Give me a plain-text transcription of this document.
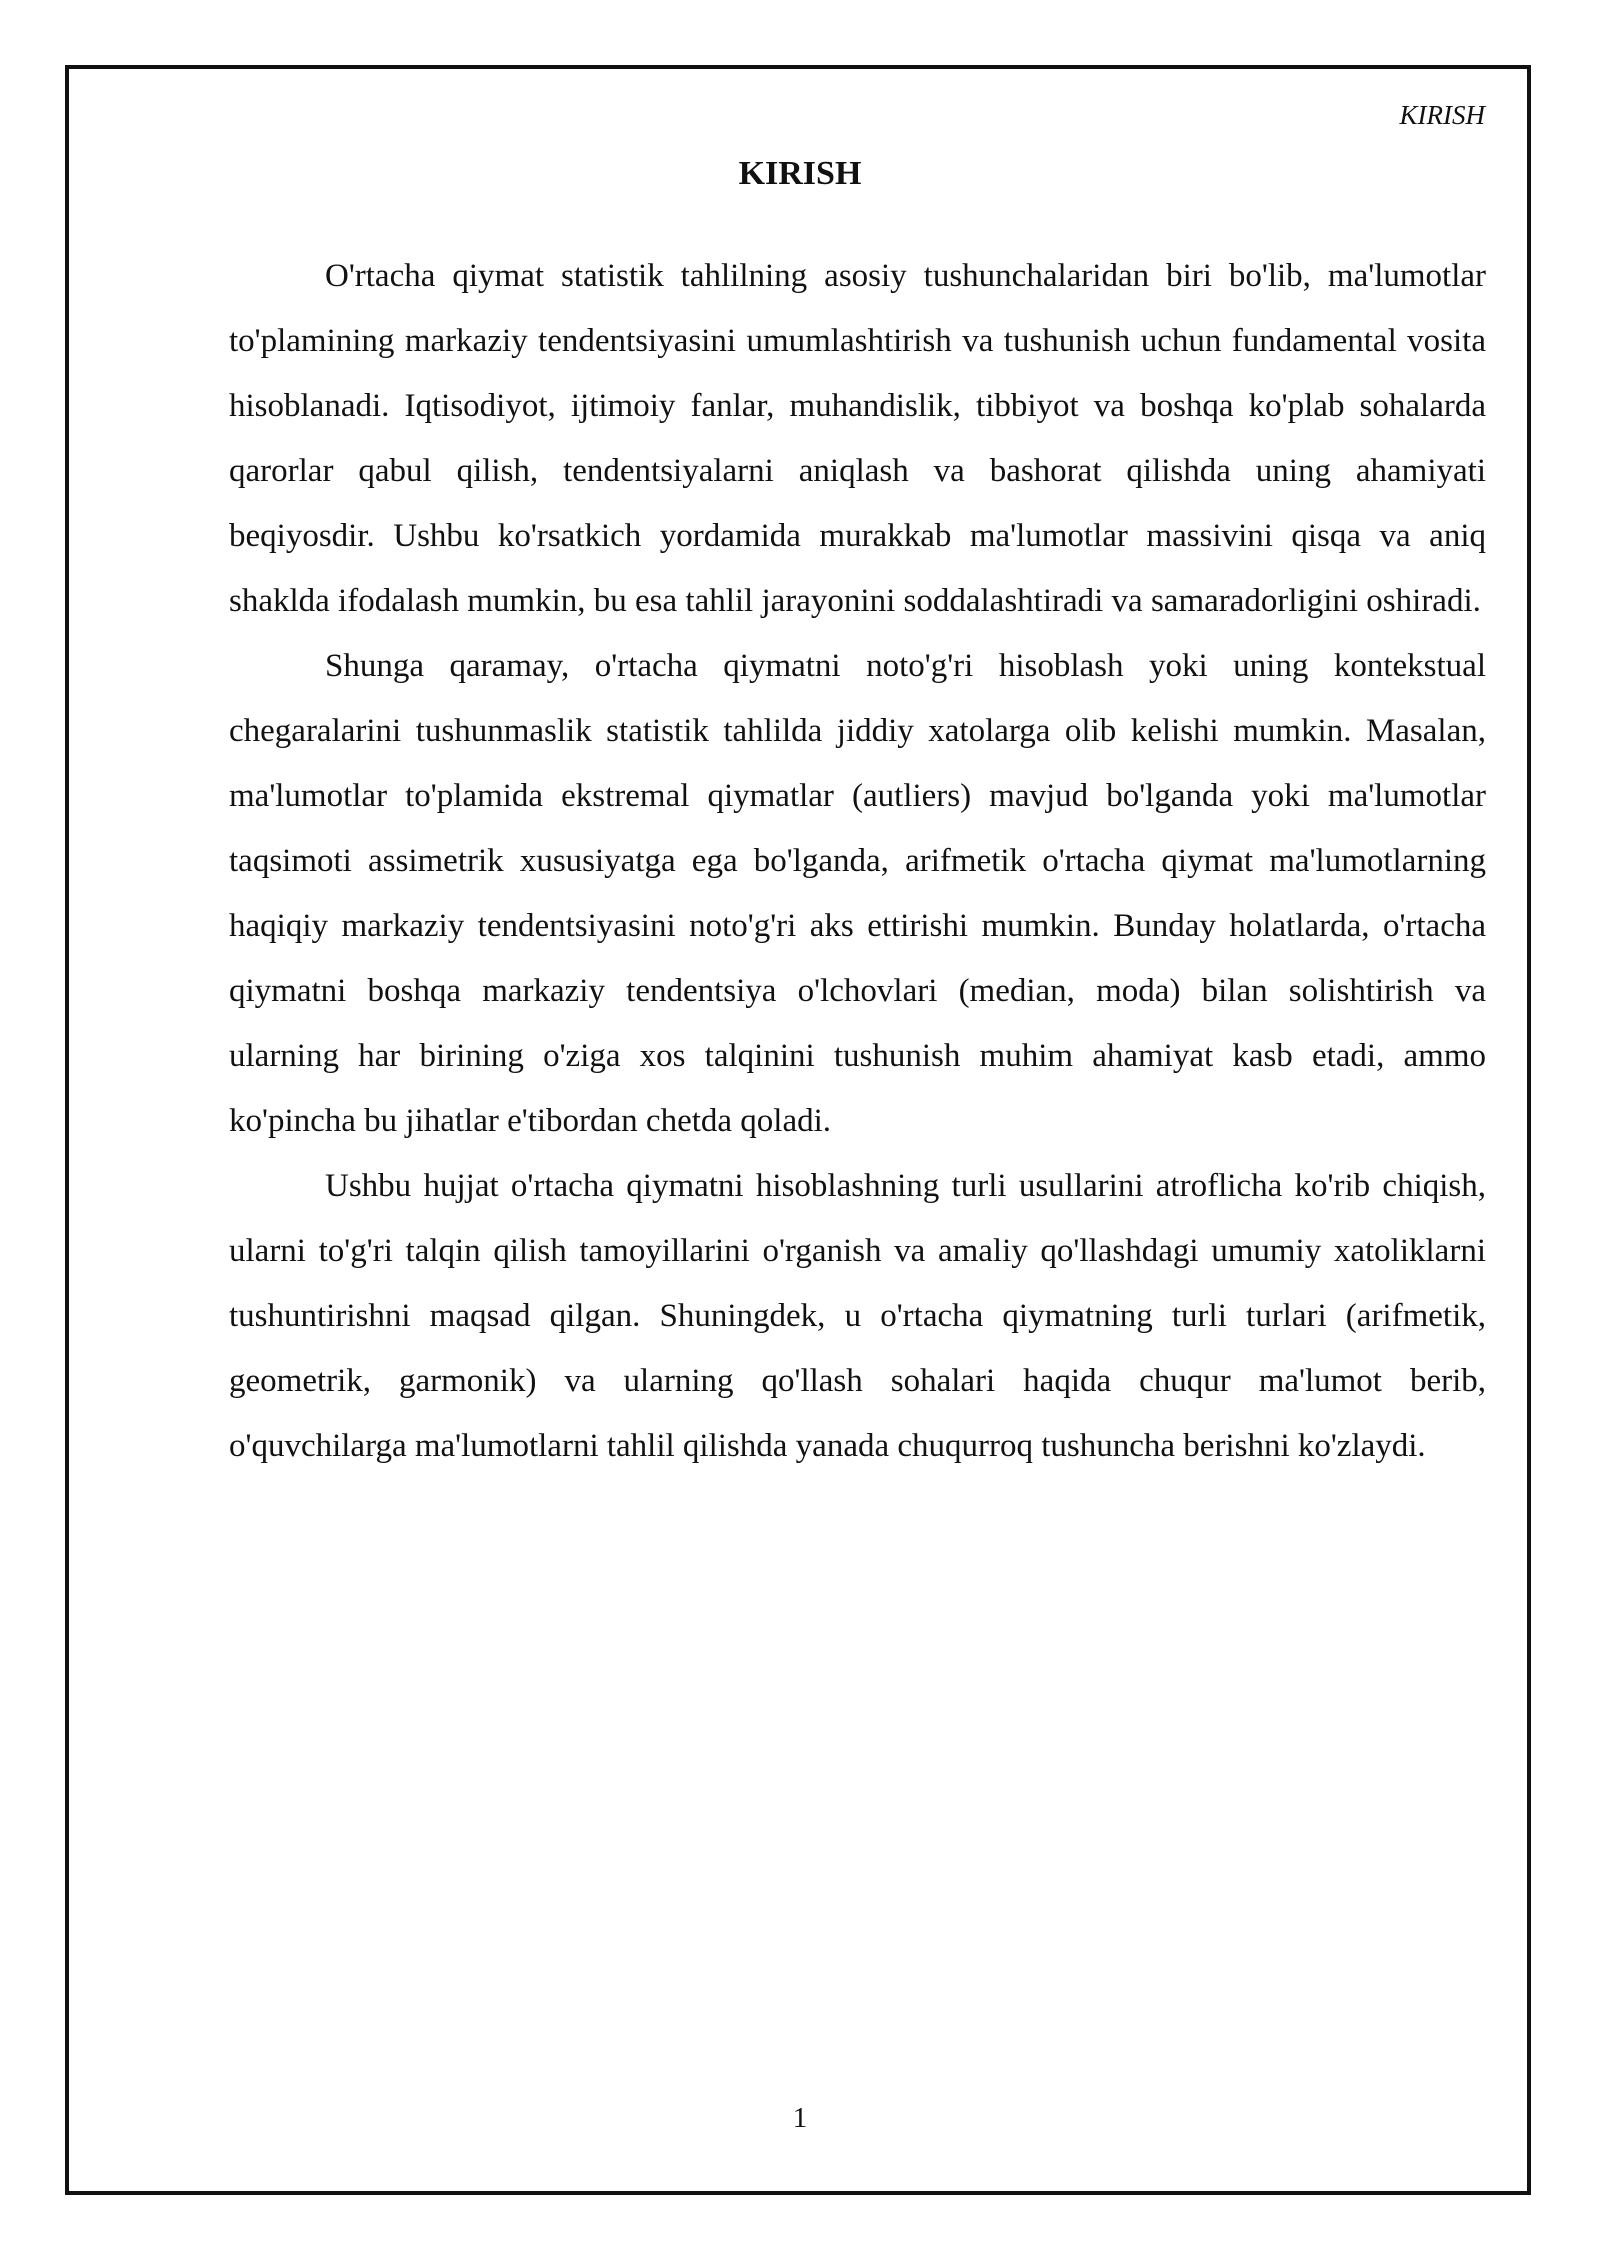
KIRISH
KIRISH

O'rtacha qiymat statistik tahlilning asosiy tushunchalaridan biri bo'lib, ma'lumotlar to'plamining markaziy tendentsiyasini umumlashtirish va tushunish uchun fundamental vosita hisoblanadi. Iqtisodiyot, ijtimoiy fanlar, muhandislik, tibbiyot va boshqa ko'plab sohalarda qarorlar qabul qilish, tendentsiyalarni aniqlash va bashorat qilishda uning ahamiyati beqiyosdir. Ushbu ko'rsatkich yordamida murakkab ma'lumotlar massivini qisqa va aniq shaklda ifodalash mumkin, bu esa tahlil jarayonini soddalashtiradi va samaradorligini oshiradi.

Shunga qaramay, o'rtacha qiymatni noto'g'ri hisoblash yoki uning kontekstual chegaralarini tushunmaslik statistik tahlilda jiddiy xatolarga olib kelishi mumkin. Masalan, ma'lumotlar to'plamida ekstremal qiymatlar (autliers) mavjud bo'lganda yoki ma'lumotlar taqsimoti assimetrik xususiyatga ega bo'lganda, arifmetik o'rtacha qiymat ma'lumotlarning haqiqiy markaziy tendentsiyasini noto'g'ri aks ettirishi mumkin. Bunday holatlarda, o'rtacha qiymatni boshqa markaziy tendentsiya o'lchovlari (median, moda) bilan solishtirish va ularning har birining o'ziga xos talqinini tushunish muhim ahamiyat kasb etadi, ammo ko'pincha bu jihatlar e'tibordan chetda qoladi.

Ushbu hujjat o'rtacha qiymatni hisoblashning turli usullarini atroflicha ko'rib chiqish, ularni to'g'ri talqin qilish tamoyillarini o'rganish va amaliy qo'llashdagi umumiy xatoliklarni tushuntirishni maqsad qilgan. Shuningdek, u o'rtacha qiymatning turli turlari (arifmetik, geometrik, garmonik) va ularning qo'llash sohalari haqida chuqur ma'lumot berib, o'quvchilarga ma'lumotlarni tahlil qilishda yanada chuqurroq tushuncha berishni ko'zlaydi.

1
